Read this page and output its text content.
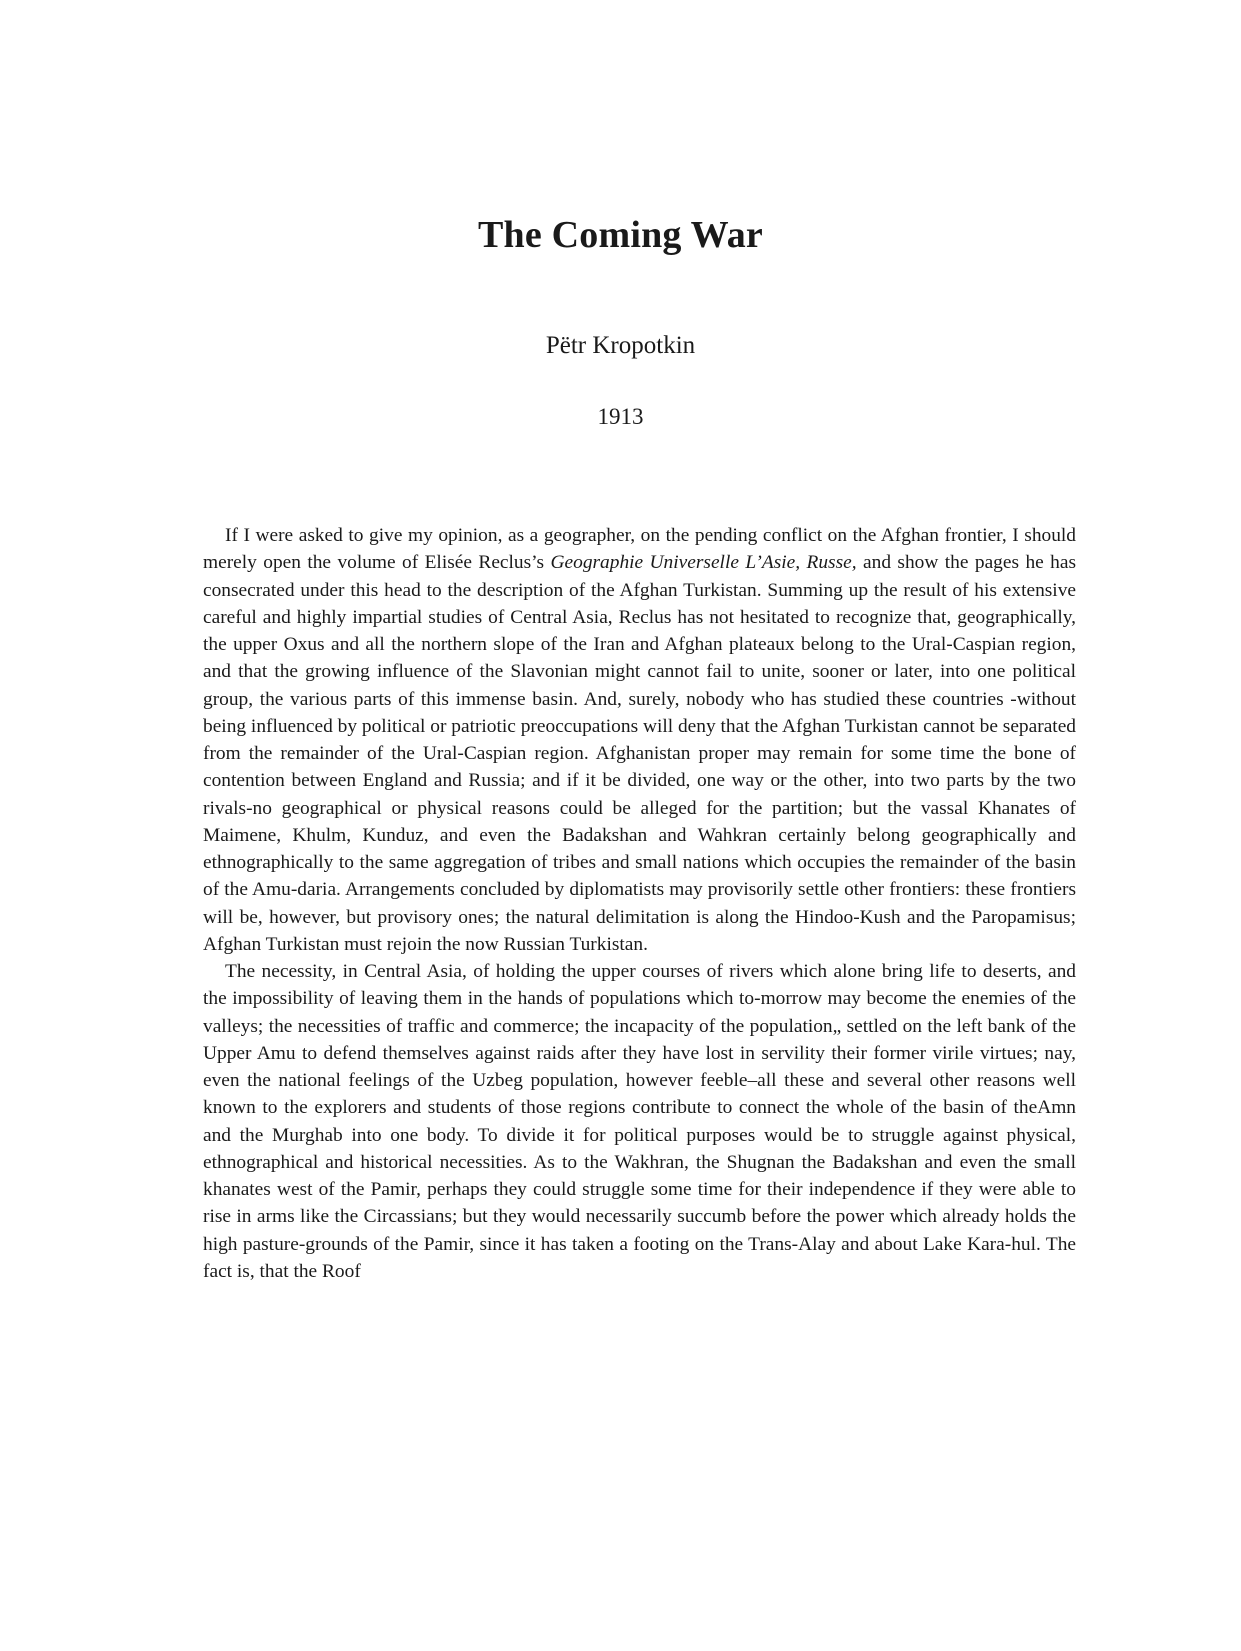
The Coming War

Pëtr Kropotkin

1913

If I were asked to give my opinion, as a geographer, on the pending conflict on the Afghan frontier, I should merely open the volume of Elisée Reclus’s Geographie Universelle L’Asie, Russe, and show the pages he has consecrated under this head to the description of the Afghan Turkistan. Summing up the result of his extensive careful and highly impartial studies of Central Asia, Reclus has not hesitated to recognize that, geographically, the upper Oxus and all the northern slope of the Iran and Afghan plateaux belong to the Ural-Caspian region, and that the growing influence of the Slavonian might cannot fail to unite, sooner or later, into one political group, the various parts of this immense basin. And, surely, nobody who has studied these countries -without being influenced by political or patriotic preoccupations will deny that the Afghan Turkistan cannot be separated from the remainder of the Ural-Caspian region. Afghanistan proper may remain for some time the bone of contention between England and Russia; and if it be divided, one way or the other, into two parts by the two rivals-no geographical or physical reasons could be alleged for the partition; but the vassal Khanates of Maimene, Khulm, Kunduz, and even the Badakshan and Wahkran certainly belong geographically and ethnographically to the same aggregation of tribes and small nations which occupies the remainder of the basin of the Amu-daria. Arrangements concluded by diplomatists may provisorily settle other frontiers: these frontiers will be, however, but provisory ones; the natural delimitation is along the Hindoo-Kush and the Paropamisus; Afghan Turkistan must rejoin the now Russian Turkistan.

The necessity, in Central Asia, of holding the upper courses of rivers which alone bring life to deserts, and the impossibility of leaving them in the hands of populations which to-morrow may become the enemies of the valleys; the necessities of traffic and commerce; the incapacity of the population„ settled on the left bank of the Upper Amu to defend themselves against raids after they have lost in servility their former virile virtues; nay, even the national feelings of the Uzbeg population, however feeble–all these and several other reasons well known to the explorers and students of those regions contribute to connect the whole of the basin of theAmn and the Murghab into one body. To divide it for political purposes would be to struggle against physical, ethnographical and historical necessities. As to the Wakhran, the Shugnan the Badakshan and even the small khanates west of the Pamir, perhaps they could struggle some time for their independence if they were able to rise in arms like the Circassians; but they would necessarily succumb before the power which already holds the high pasture-grounds of the Pamir, since it has taken a footing on the Trans-Alay and about Lake Kara-hul. The fact is, that the Roof
